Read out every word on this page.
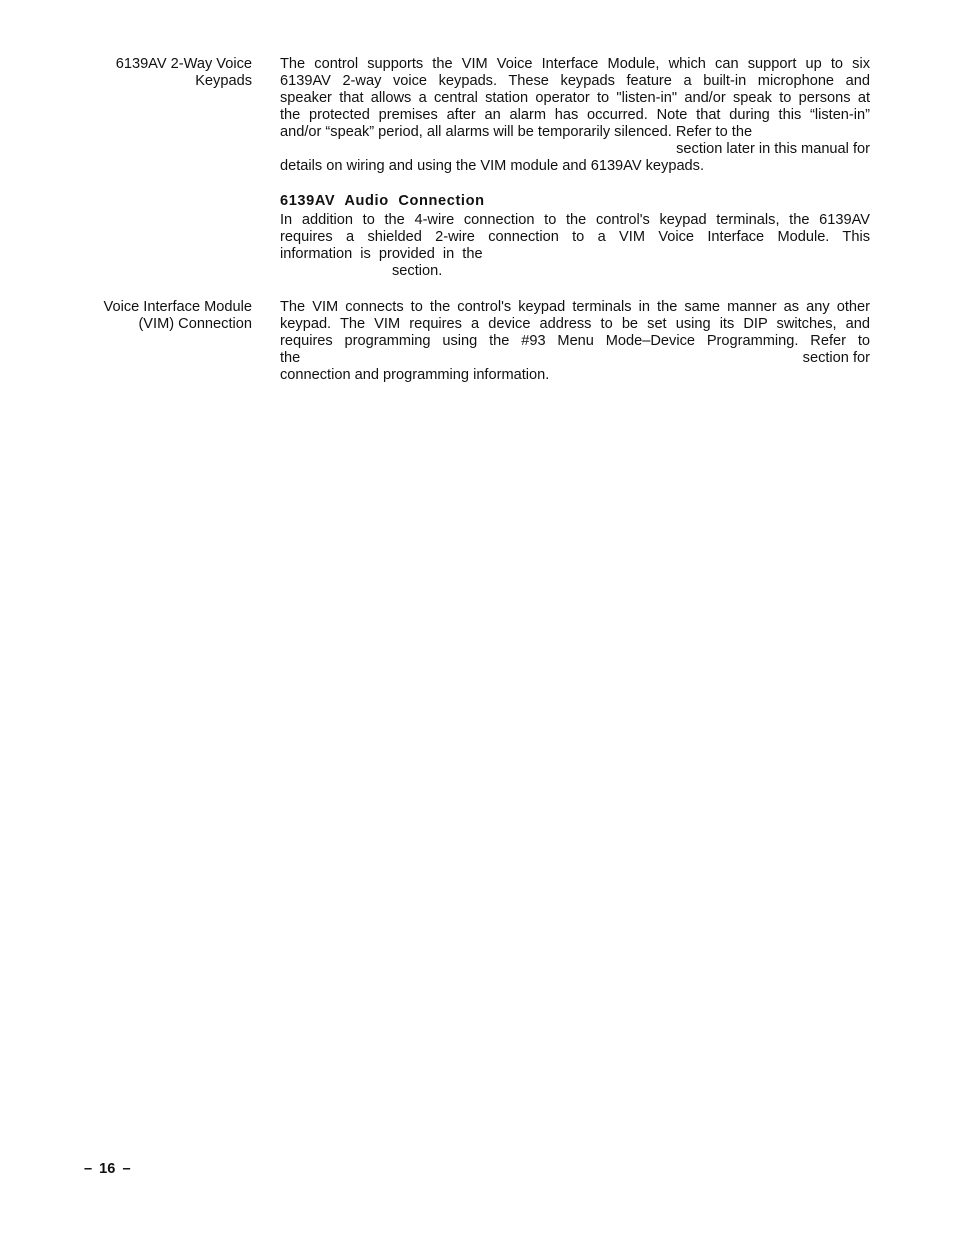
6139AV 2-Way Voice
Keypads
The control supports the VIM Voice Interface Module, which can support up to six
6139AV 2-way voice keypads. These keypads feature a built-in microphone and
speaker that allows a central station operator to "listen-in" and/or speak to persons at
the protected premises after an alarm has occurred. Note that during this “listen-in”
and/or “speak” period, all alarms will be temporarily silenced. Refer to the
section later in this manual for
details on wiring and using the VIM module and 6139AV keypads.
6139AV Audio Connection
In addition to the 4-wire connection to the control's keypad terminals, the 6139AV
requires a shielded 2-wire connection to a VIM Voice Interface Module. This
information is provided in the
section.
Voice Interface Module
(VIM) Connection
The VIM connects to the control's keypad terminals in the same manner as any other
keypad. The VIM requires a device address to be set using its DIP switches, and
requires programming using the #93 Menu Mode–Device Programming. Refer to
the	section for
connection and programming information.
– 16 –
